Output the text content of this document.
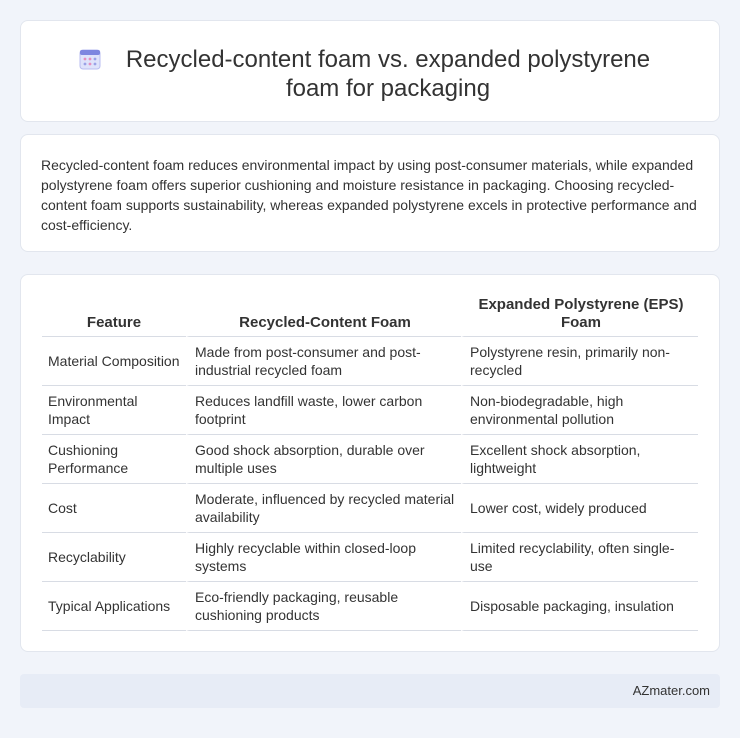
Recycled-content foam vs. expanded polystyrene foam for packaging

Recycled-content foam reduces environmental impact by using post-consumer materials, while expanded polystyrene foam offers superior cushioning and moisture resistance in packaging. Choosing recycled-content foam supports sustainability, whereas expanded polystyrene excels in protective performance and cost-efficiency.

Feature	Recycled-Content Foam	Expanded Polystyrene (EPS) Foam
Material Composition	Made from post-consumer and post-industrial recycled foam	Polystyrene resin, primarily non-recycled
Environmental Impact	Reduces landfill waste, lower carbon footprint	Non-biodegradable, high environmental pollution
Cushioning Performance	Good shock absorption, durable over multiple uses	Excellent shock absorption, lightweight
Cost	Moderate, influenced by recycled material availability	Lower cost, widely produced
Recyclability	Highly recyclable within closed-loop systems	Limited recyclability, often single-use
Typical Applications	Eco-friendly packaging, reusable cushioning products	Disposable packaging, insulation
AZmater.com
